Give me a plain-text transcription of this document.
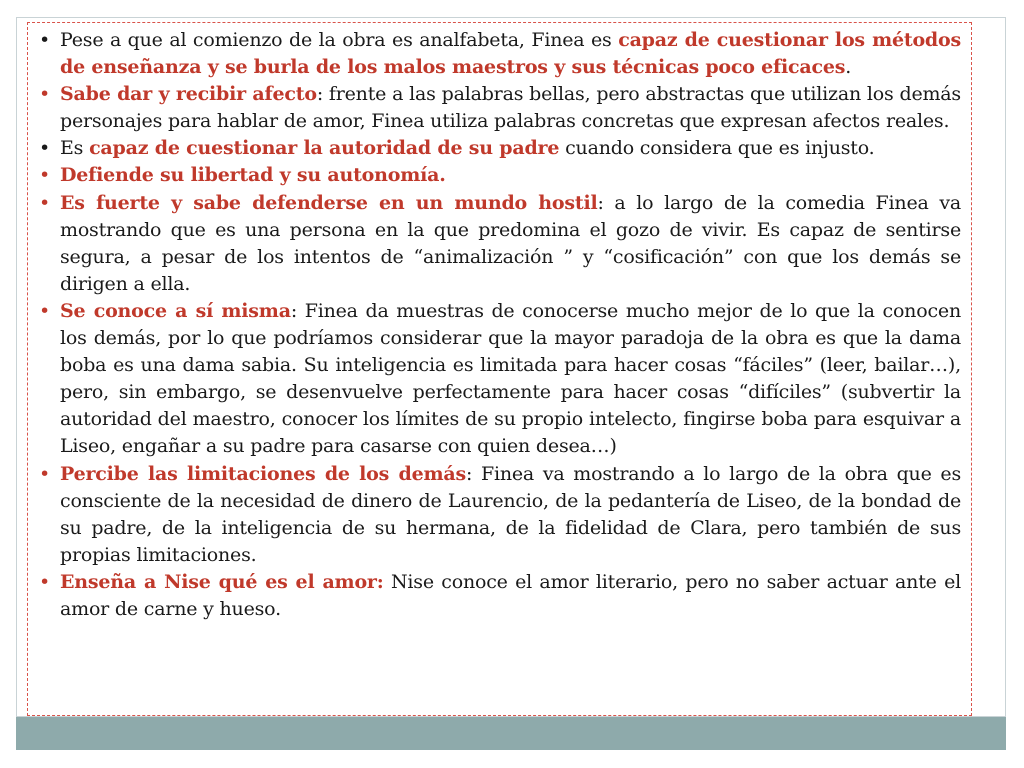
• Pese a que al comienzo de la obra es analfabeta, Finea es capaz de cuestionar los métodos de enseñanza y se burla de los malos maestros y sus técnicas poco eficaces.
• Sabe dar y recibir afecto: frente a las palabras bellas, pero abstractas que utilizan los demás personajes para hablar de amor, Finea utiliza palabras concretas que expresan afectos reales.
• Es capaz de cuestionar la autoridad de su padre cuando considera que es injusto.
• Defiende su libertad y su autonomía.
• Es fuerte y sabe defenderse en un mundo hostil: a lo largo de la comedia Finea va mostrando que es una persona en la que predomina el gozo de vivir. Es capaz de sentirse segura, a pesar de los intentos de “animalización ” y “cosificación” con que los demás se dirigen a ella.
• Se conoce a sí misma: Finea da muestras de conocerse mucho mejor de lo que la conocen los demás, por lo que podríamos considerar que la mayor paradoja de la obra es que la dama boba es una dama sabia. Su inteligencia es limitada para hacer cosas “fáciles” (leer, bailar…), pero, sin embargo, se desenvuelve perfectamente para hacer cosas “difíciles” (subvertir la autoridad del maestro, conocer los límites de su propio intelecto, fingirse boba para esquivar a Liseo, engañar a su padre para casarse con quien desea…)
• Percibe las limitaciones de los demás: Finea va mostrando a lo largo de la obra que es consciente de la necesidad de dinero de Laurencio, de la pedantería de Liseo, de la bondad de su padre, de la inteligencia de su hermana, de la fidelidad de Clara, pero también de sus propias limitaciones.
• Enseña a Nise qué es el amor: Nise conoce el amor literario, pero no saber actuar ante el amor de carne y hueso.
